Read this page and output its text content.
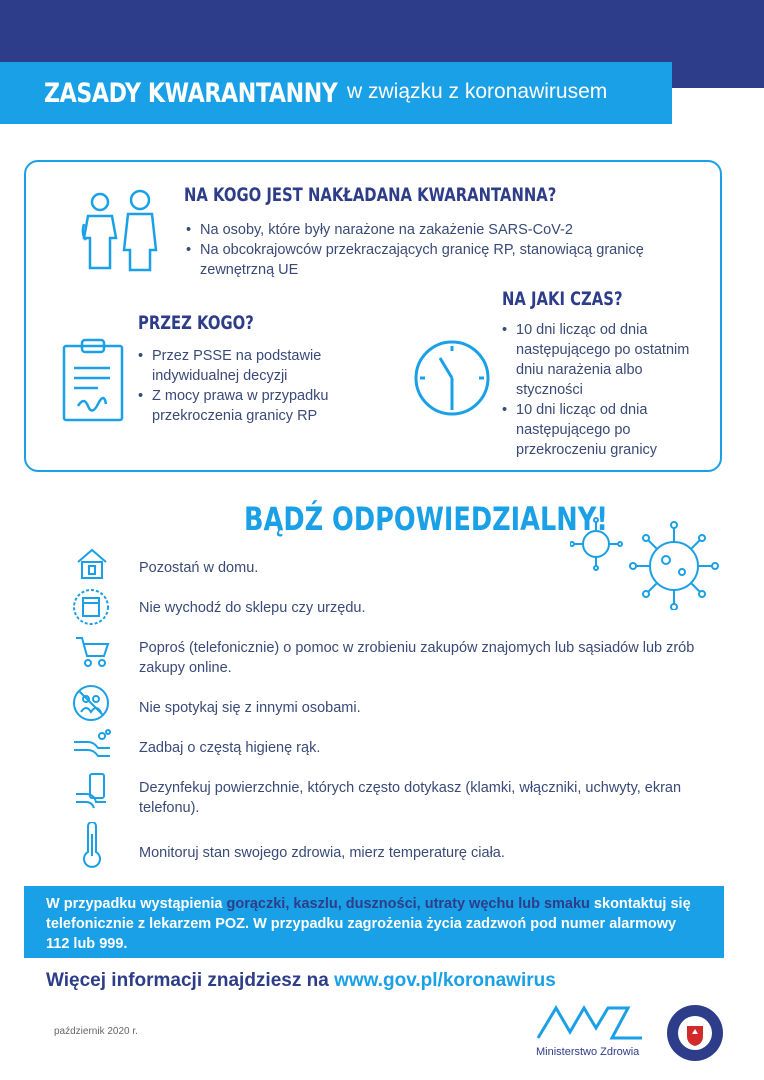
ZASADY KWARANTANNY w związku z koronawirusem
NA KOGO JEST NAKŁADANA KWARANTANNA?
• Na osoby, które były narażone na zakażenie SARS-CoV-2
• Na obcokrajowców przekraczających granicę RP, stanowiącą granicę zewnętrzną UE
PRZEZ KOGO?
• Przez PSSE na podstawie indywidualnej decyzji
• Z mocy prawa w przypadku przekroczenia granicy RP
NA JAKI CZAS?
• 10 dni licząc od dnia następującego po ostatnim dniu narażenia albo styczności
• 10 dni licząc od dnia następującego po przekroczeniu granicy
BĄDŹ ODPOWIEDZIALNY!
Pozostań w domu.
Nie wychodź do sklepu czy urzędu.
Poproś (telefonicznie) o pomoc w zrobieniu zakupów znajomych lub sąsiadów lub zrób zakupy online.
Nie spotykaj się z innymi osobami.
Zadbaj o częstą higienę rąk.
Dezynfekuj powierzchnie, których często dotykasz (klamki, włączniki, uchwyty, ekran telefonu).
Monitoruj stan swojego zdrowia, mierz temperaturę ciała.
W przypadku wystąpienia gorączki, kaszlu, duszności, utraty węchu lub smaku skontaktuj się telefonicznie z lekarzem POZ. W przypadku zagrożenia życia zadzwoń pod numer alarmowy 112 lub 999.
Więcej informacji znajdziesz na www.gov.pl/koronawirus
październik 2020 r.
Ministerstwo Zdrowia
